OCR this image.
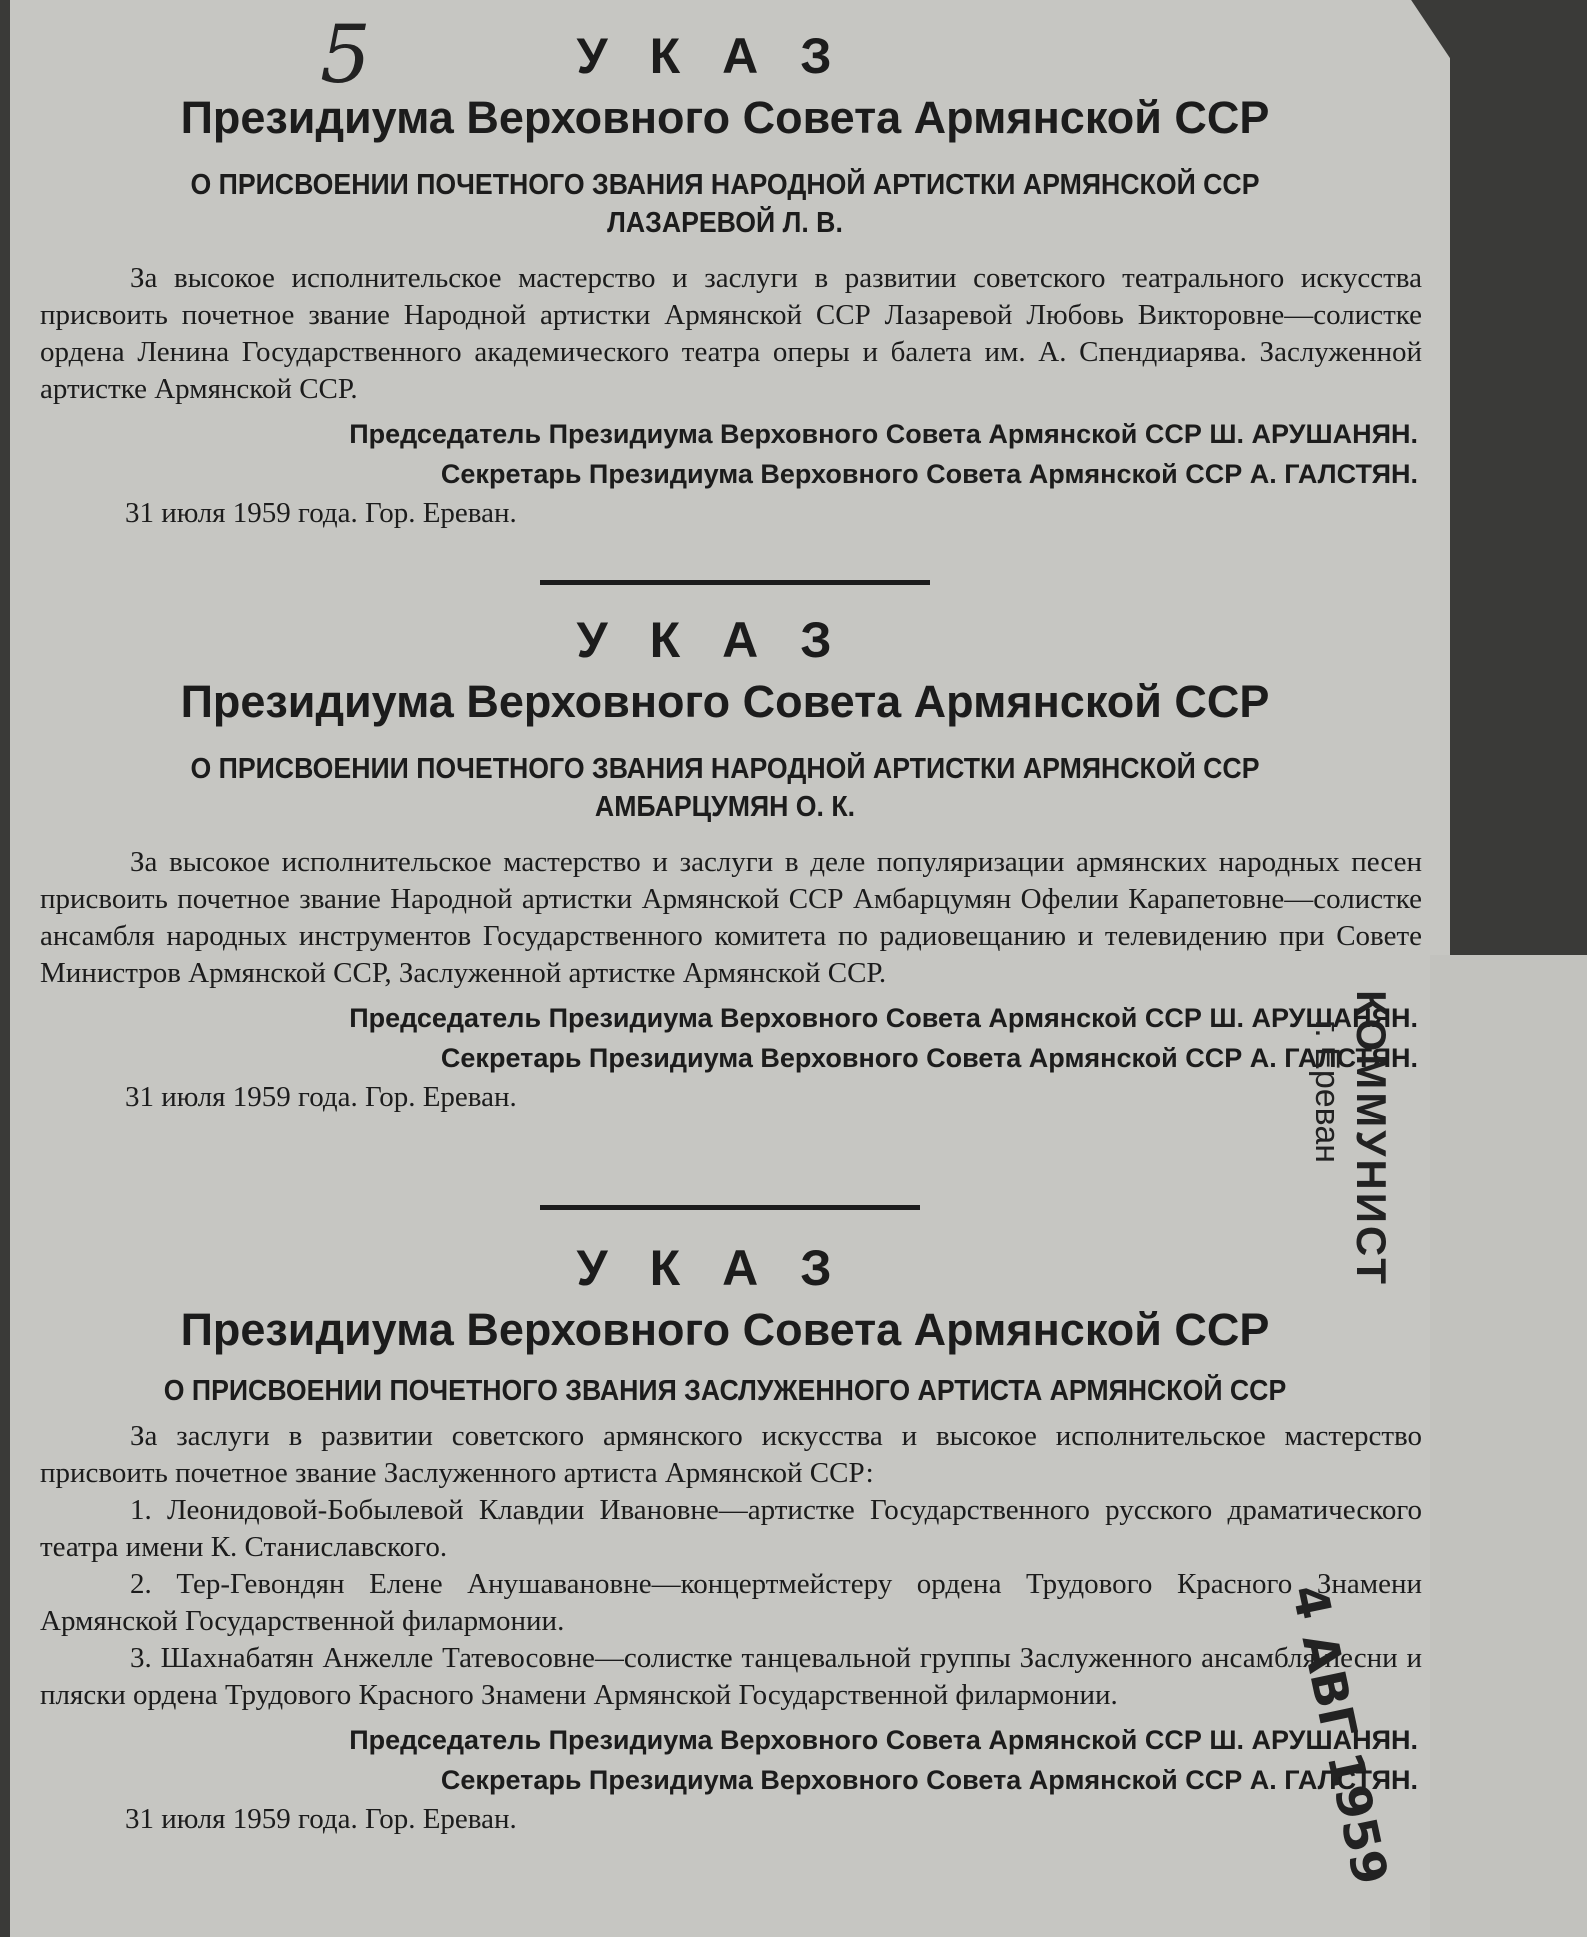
5	УКАЗ
Президиума Верховного Совета Армянской ССР
О ПРИСВОЕНИИ ПОЧЕТНОГО ЗВАНИЯ НАРОДНОЙ АРТИСТКИ АРМЯНСКОЙ ССР
ЛАЗАРЕВОЙ Л. В.

За высокое исполнительское мастерство и заслуги в развитии советского театрального искусства присвоить почетное звание Народной артистки Армянской ССР Лазаревой Любовь Викторовне—солистке ордена Ленина Государственного академического театра оперы и балета им. А. Спендиарява. Заслуженной артистке Армянской ССР.

Председатель Президиума Верховного Совета Армянской ССР Ш. АРУШАНЯН.
Секретарь Президиума Верховного Совета Армянской ССР А. ГАЛСТЯН.
31 июля 1959 года. Гор. Ереван.
УКАЗ
Президиума Верховного Совета Армянской ССР
О ПРИСВОЕНИИ ПОЧЕТНОГО ЗВАНИЯ НАРОДНОЙ АРТИСТКИ АРМЯНСКОЙ ССР
АМБАРЦУМЯН О. К.

За высокое исполнительское мастерство и заслуги в деле популяризации армянских народных песен присвоить почетное звание Народной артистки Армянской ССР Амбарцумян Офелии Карапетовне—солистке ансамбля народных инструментов Государственного комитета по радиовещанию и телевидению при Совете Министров Армянской ССР, Заслуженной артистке Армянской ССР.

Председатель Президиума Верховного Совета Армянской ССР Ш. АРУШАНЯН.
Секретарь Президиума Верховного Совета Армянской ССР А. ГАЛСТЯН.
31 июля 1959 года. Гор. Ереван.
УКАЗ
Президиума Верховного Совета Армянской ССР
О ПРИСВОЕНИИ ПОЧЕТНОГО ЗВАНИЯ ЗАСЛУЖЕННОГО АРТИСТА АРМЯНСКОЙ ССР

За заслуги в развитии советского армянского искусства и высокое исполнительское мастерство присвоить почетное звание Заслуженного артиста Армянской ССР:

1. Леонидовой-Бобылевой Клавдии Ивановне—артистке Государственного русского драматического театра имени К. Станиславского.

2. Тер-Гевондян Елене Анушавановне—концертмейстеру ордена Трудового Красного Знамени Армянской Государственной филармонии.

3. Шахнабатян Анжелле Татевосовне—солистке танцевальной группы Заслуженного ансамбля песни и пляски ордена Трудового Красного Знамени Армянской Государственной филармонии.

Председатель Президиума Верховного Совета Армянской ССР Ш. АРУШАНЯН.
Секретарь Президиума Верховного Совета Армянской ССР А. ГАЛСТЯН.
31 июля 1959 года. Гор. Ереван.
КОММУНИСТ
г. Ереван
4 АВГ 1959
